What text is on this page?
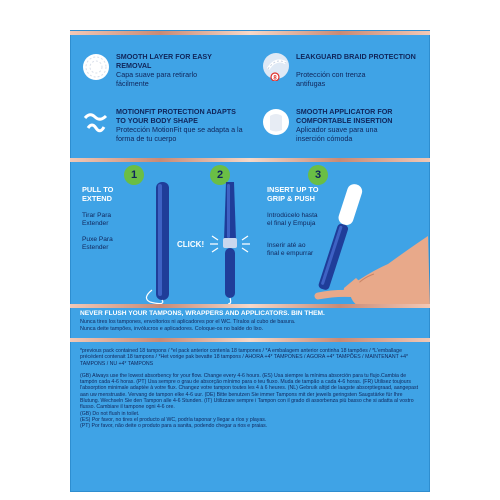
SMOOTH LAYER FOR EASY REMOVAL
Capa suave para retirarlo fácilmente
8
LEAKGUARD BRAID PROTECTION
Protección con trenza antifugas
MOTIONFIT PROTECTION ADAPTS TO YOUR BODY SHAPE
Protección MotionFit que se adapta a la forma de tu cuerpo
SMOOTH APPLICATOR FOR COMFORTABLE INSERTION
Aplicador suave para una inserción cómoda
1	2	3
PULL TO EXTEND
Tirar Para Extender
Puxe Para Estender	CLICK!
INSERT UP TO GRIP & PUSH
Introdúcelo hasta el final y Empuja
Inserir até ao final e empurrar
NEVER FLUSH YOUR TAMPONS, WRAPPERS AND APPLICATORS. BIN THEM.
Nunca tires los tampones, envoltorios ni aplicadores por el WC. Tíralos al cubo de basura.
Nunca deite tampões, invólucros e aplicadores. Coloque-os no balde do lixo.

*previous pack contained 18 tampons / *el pack anterior contenía 18 tampones / *A embalagem anterior continha 18 tampões / *L'emballage précédent contenait 18 tampons / *Het vorige pak bevatte 18 tampons / AHORA +4* TAMPONES / AGORA +4* TAMPÕES / MAINTENANT +4* TAMPONS / NU +4* TAMPONS

(GB) Always use the lowest absorbency for your flow. Change every 4-6 hours. (ES) Usa siempre la mínima absorción para tu flujo.Cambia de tampón cada 4-6 horas. (PT) Usa sempre o grau de absorção mínimo para o teu fluxo. Muda de tampão a cada 4-6 horas. (FR) Utilisez toujours l'absorption minimale adaptée à votre flux. Changez votre tampon toutes les 4 à 6 heures. (NL) Gebruik altijd de laagste absorptiegraad, aangepast aan uw menstruatie. Vervang de tampon elke 4-6 uur. (DE) Bitte benutzen Sie immer Tampons mit der jeweils geringsten Saugstärke für Ihre Blutung. Wechseln Sie den Tampon alle 4-6 Stunden. (IT) Utilizzare sempre i Tampon con il grado di assorbenza più basso che si adatta al vostro flusso. Cambiare il tampone ogni 4-6 ore.

(GB) Do not flush in toilet.

(ES) Por favor, no tires el producto al WC, podría taponar y llegar a ríos y playas.

(PT) Por favor, não deite o produto para a sanita, podendo chegar a rios e praias.
